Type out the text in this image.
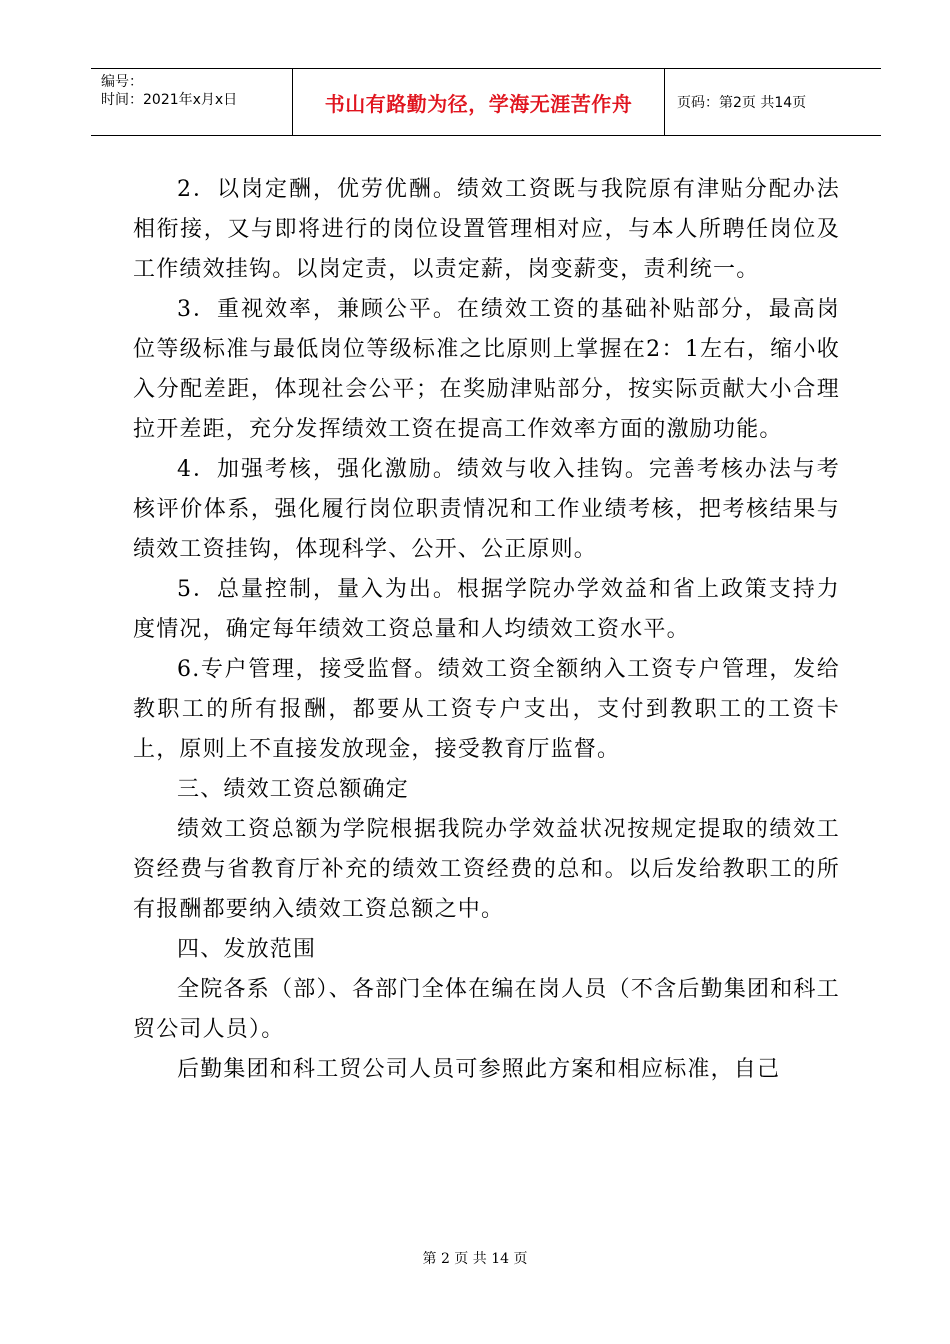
编号：
时间：2021年x月x日	书山有路勤为径，学海无涯苦作舟	页码：第2页 共14页

2．以岗定酬，优劳优酬。绩效工资既与我院原有津贴分配办法相衔接，又与即将进行的岗位设置管理相对应，与本人所聘任岗位及工作绩效挂钩。以岗定责，以责定薪，岗变薪变，责利统一。

3．重视效率，兼顾公平。在绩效工资的基础补贴部分，最高岗位等级标准与最低岗位等级标准之比原则上掌握在2：1左右，缩小收入分配差距，体现社会公平；在奖励津贴部分，按实际贡献大小合理拉开差距，充分发挥绩效工资在提高工作效率方面的激励功能。

4．加强考核，强化激励。绩效与收入挂钩。完善考核办法与考核评价体系，强化履行岗位职责情况和工作业绩考核，把考核结果与绩效工资挂钩，体现科学、公开、公正原则。

5．总量控制，量入为出。根据学院办学效益和省上政策支持力度情况，确定每年绩效工资总量和人均绩效工资水平。

6.专户管理，接受监督。绩效工资全额纳入工资专户管理，发给教职工的所有报酬，都要从工资专户支出，支付到教职工的工资卡上，原则上不直接发放现金，接受教育厅监督。

三、绩效工资总额确定

绩效工资总额为学院根据我院办学效益状况按规定提取的绩效工资经费与省教育厅补充的绩效工资经费的总和。以后发给教职工的所有报酬都要纳入绩效工资总额之中。

四、发放范围

全院各系（部）、各部门全体在编在岗人员（不含后勤集团和科工贸公司人员）。

后勤集团和科工贸公司人员可参照此方案和相应标准，自己

第 2 页 共 14 页
